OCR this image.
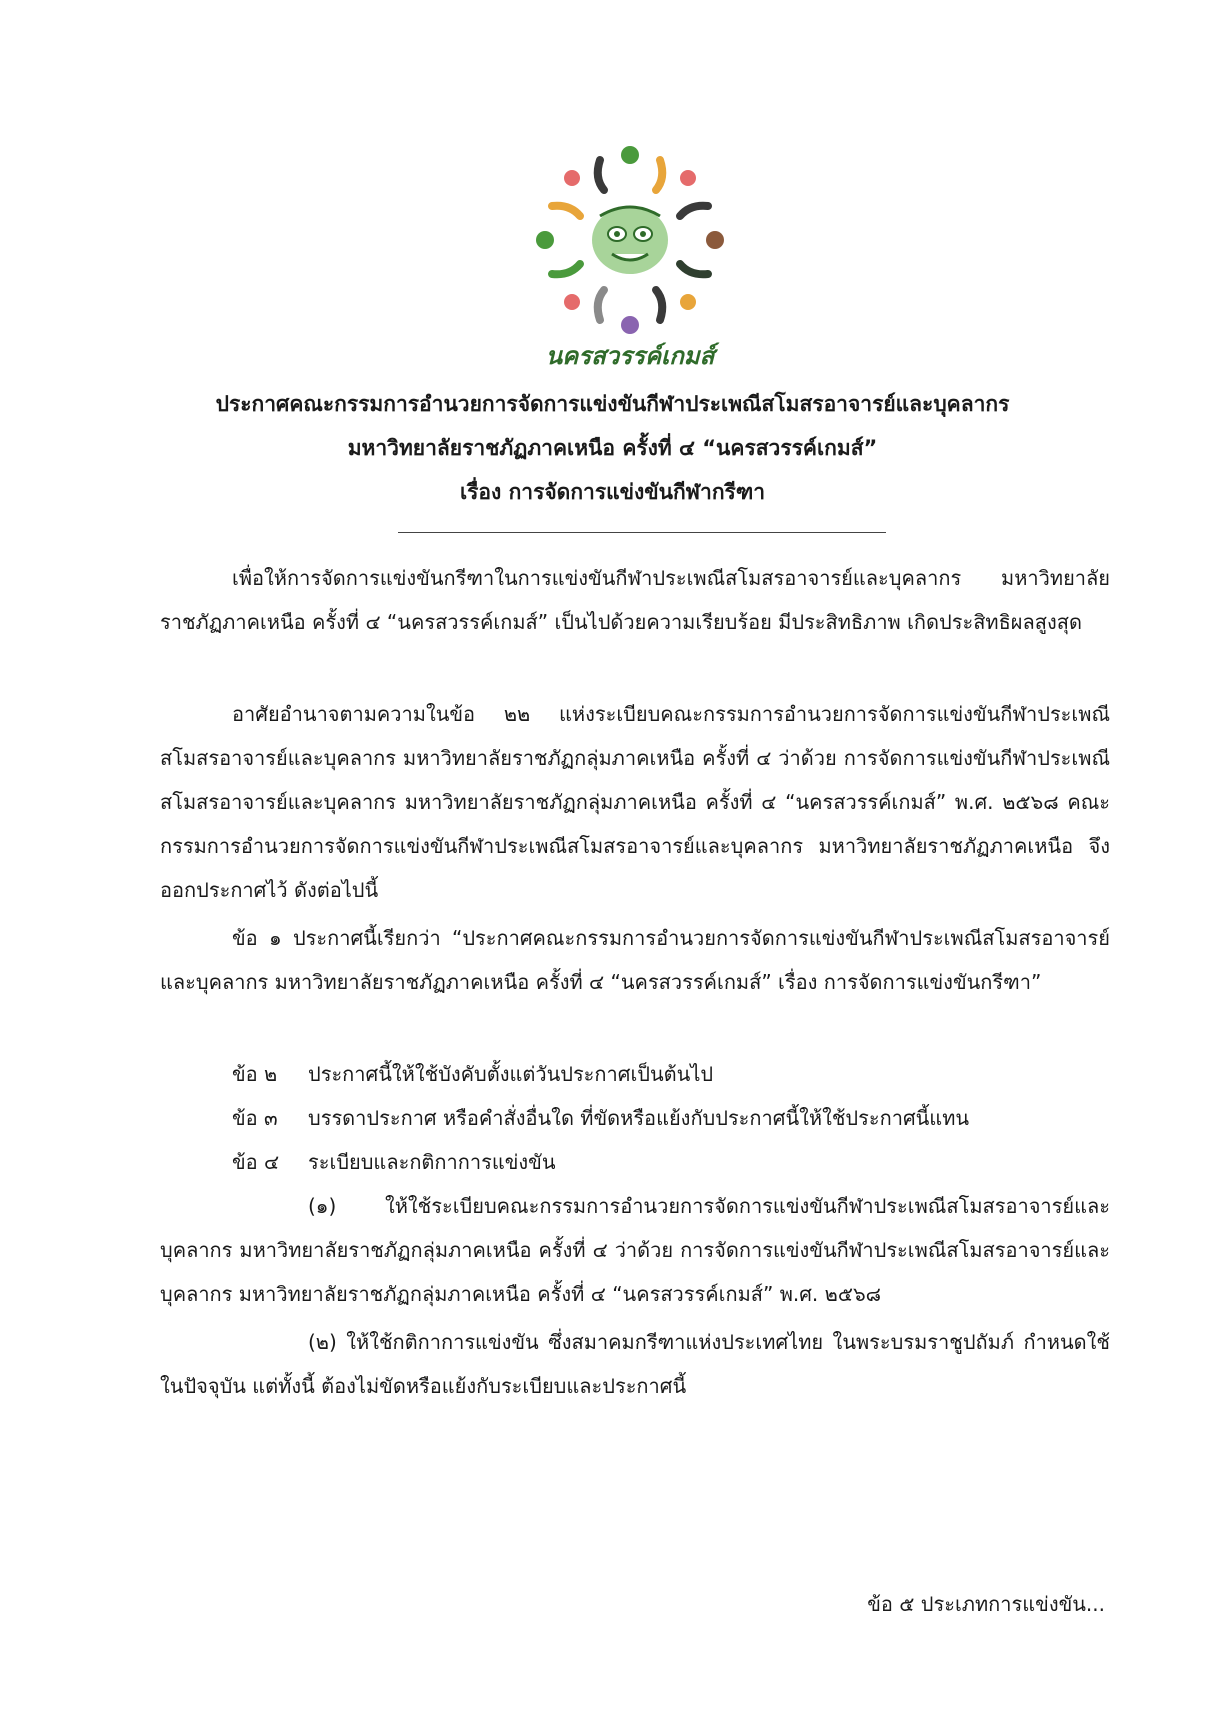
นครสวรรค์เกมส์
ประกาศคณะกรรมการอำนวยการจัดการแข่งขันกีฬาประเพณีสโมสรอาจารย์และบุคลากร
มหาวิทยาลัยราชภัฏภาคเหนือ ครั้งที่ ๔ “นครสวรรค์เกมส์”
เรื่อง การจัดการแข่งขันกีฬากรีฑา
เพื่อให้การจัดการแข่งขันกรีฑาในการแข่งขันกีฬาประเพณีสโมสรอาจารย์และบุคลากร มหาวิทยาลัยราชภัฏภาคเหนือ ครั้งที่ ๔ “นครสวรรค์เกมส์” เป็นไปด้วยความเรียบร้อย มีประสิทธิภาพ เกิดประสิทธิผลสูงสุด
อาศัยอำนาจตามความในข้อ ๒๒ แห่งระเบียบคณะกรรมการอำนวยการจัดการแข่งขันกีฬาประเพณีสโมสรอาจารย์และบุคลากร มหาวิทยาลัยราชภัฏกลุ่มภาคเหนือ ครั้งที่ ๔ ว่าด้วย การจัดการแข่งขันกีฬาประเพณีสโมสรอาจารย์และบุคลากร มหาวิทยาลัยราชภัฏกลุ่มภาคเหนือ ครั้งที่ ๔ “นครสวรรค์เกมส์” พ.ศ. ๒๕๖๘ คณะกรรมการอำนวยการจัดการแข่งขันกีฬาประเพณีสโมสรอาจารย์และบุคลากร มหาวิทยาลัยราชภัฏภาคเหนือ จึงออกประกาศไว้ ดังต่อไปนี้
ข้อ ๑ ประกาศนี้เรียกว่า “ประกาศคณะกรรมการอำนวยการจัดการแข่งขันกีฬาประเพณีสโมสรอาจารย์และบุคลากร มหาวิทยาลัยราชภัฏภาคเหนือ ครั้งที่ ๔ “นครสวรรค์เกมส์” เรื่อง การจัดการแข่งขันกรีฑา”
ข้อ ๒ ประกาศนี้ให้ใช้บังคับตั้งแต่วันประกาศเป็นต้นไป
ข้อ ๓ บรรดาประกาศ หรือคำสั่งอื่นใด ที่ขัดหรือแย้งกับประกาศนี้ให้ใช้ประกาศนี้แทน
ข้อ ๔ ระเบียบและกติกาการแข่งขัน
(๑) ให้ใช้ระเบียบคณะกรรมการอำนวยการจัดการแข่งขันกีฬาประเพณีสโมสรอาจารย์และบุคลากร มหาวิทยาลัยราชภัฏกลุ่มภาคเหนือ ครั้งที่ ๔ ว่าด้วย การจัดการแข่งขันกีฬาประเพณีสโมสรอาจารย์และบุคลากร มหาวิทยาลัยราชภัฏกลุ่มภาคเหนือ ครั้งที่ ๔ “นครสวรรค์เกมส์” พ.ศ. ๒๕๖๘
(๒) ให้ใช้กติกาการแข่งขัน ซึ่งสมาคมกรีฑาแห่งประเทศไทย ในพระบรมราชูปถัมภ์ กำหนดใช้ในปัจจุบัน แต่ทั้งนี้ ต้องไม่ขัดหรือแย้งกับระเบียบและประกาศนี้
ข้อ ๕ ประเภทการแข่งขัน...
